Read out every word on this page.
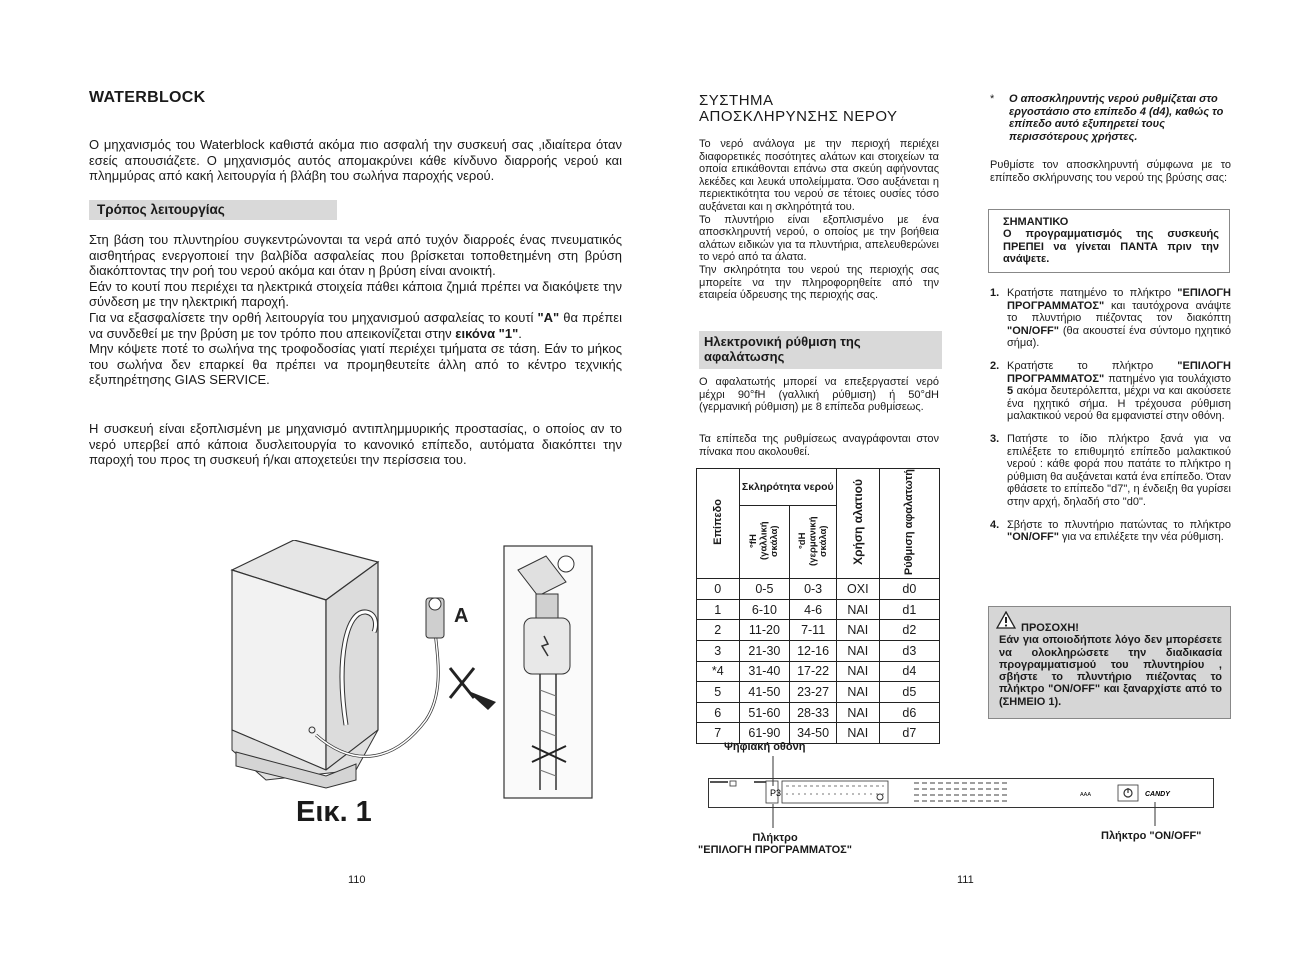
WATERBLOCK
Ο μηχανισμός του Waterblock καθιστά ακόμα πιο ασφαλή την συσκευή σας ,ιδιαίτερα όταν εσείς απουσιάζετε. Ο μηχανισμός αυτός απομακρύνει κάθε κίνδυνο διαρροής νερού και πλημμύρας από κακή λειτουργία ή βλάβη του σωλήνα παροχής νερού.
Τρόπος λειτουργίας
Στη βάση του πλυντηρίου συγκεντρώνονται τα νερά από τυχόν διαρροές ένας πνευματικός αισθητήρας ενεργοποιεί την βαλβίδα ασφαλείας που βρίσκεται τοποθετημένη στη βρύση διακόπτοντας την ροή του νερού ακόμα και όταν η βρύση είναι ανοικτή.
Εάν το κουτί που περιέχει τα ηλεκτρικά στοιχεία πάθει κάποια ζημιά πρέπει να διακόψετε την σύνδεση με την ηλεκτρική παροχή.
Για να εξασφαλίσετε την ορθή λειτουργία του μηχανισμού ασφαλείας το κουτί "A" θα πρέπει να συνδεθεί με την βρύση με τον τρόπο που απεικονίζεται στην εικόνα "1".
Μην κόψετε ποτέ το σωλήνα της τροφοδοσίας γιατί περιέχει τμήματα σε τάση. Εάν το μήκος του σωλήνα δεν επαρκεί θα πρέπει να προμηθευτείτε άλλη από το κέντρο τεχνικής εξυπηρέτησης GIAS SERVICE.
Η συσκευή είναι εξοπλισμένη με μηχανισμό αντιπλημμυρικής προστασίας, ο οποίος αν το νερό υπερβεί από κάποια δυσλειτουργία το κανονικό επίπεδο, αυτόματα διακόπτει την παροχή του προς τη συσκευή ή/και αποχετεύει την περίσσεια του.
A
Εικ. 1
110
ΣΥΣΤΗΜΑ
ΑΠΟΣΚΛΗΡΥΝΣΗΣ ΝΕΡΟΥ
Το νερό ανάλογα με την περιοχή περιέχει διαφορετικές ποσότητες αλάτων και στοιχείων τα οποία επικάθονται επάνω στα σκεύη αφήνοντας λεκέδες και λευκά υπολείμματα. Όσο αυξάνεται η περιεκτικότητα του νερού σε τέτοιες ουσίες τόσο αυξάνεται και η σκληρότητά του.
Το πλυντήριο είναι εξοπλισμένο με ένα αποσκληρυντή νερού, ο οποίος με την βοήθεια αλάτων ειδικών για τα πλυντήρια, απελευθερώνει το νερό από τα άλατα.
Την σκληρότητα του νερού της περιοχής σας μπορείτε να την πληροφορηθείτε από την εταιρεία ύδρευσης της περιοχής σας.
Ηλεκτρονική ρύθμιση της αφαλάτωσης
Ο αφαλατωτής μπορεί να επεξεργαστεί νερό μέχρι 90°fH (γαλλική ρύθμιση) ή 50°dH (γερμανική ρύθμιση) με 8 επίπεδα ρυθμίσεως.
Τα επίπεδα της ρυθμίσεως αναγράφονται στον πίνακα που ακολουθεί.
Επίπεδο	Σκληρότητα νερού		Χρήση αλατιού	Ρύθμιση αφαλατωτή
	°fH (γαλλική σκάλα)	°dH (γερμανική σκάλα)		
0	0-5	0-3	OXI	d0
1	6-10	4-6	NAI	d1
2	11-20	7-11	NAI	d2
3	21-30	12-16	NAI	d3
*4	31-40	17-22	NAI	d4
5	41-50	23-27	NAI	d5
6	51-60	28-33	NAI	d6
7	61-90	34-50	NAI	d7
Ψηφιακή οθόνη
P3	AAA	CANDY
Πλήκτρο
"ΕΠΙΛΟΓΗ ΠΡΟΓΡΑΜΜΑΤΟΣ"
Πλήκτρο "ON/OFF"
111
* Ο αποσκληρυντής νερού ρυθμίζεται στο εργοστάσιο στο επίπεδο 4 (d4), καθώς το επίπεδο αυτό εξυπηρετεί τους περισσότερους χρήστες.
Ρυθμίστε τον αποσκληρυντή σύμφωνα με το επίπεδο σκλήρυνσης του νερού της βρύσης σας:
ΣΗΜΑΝΤΙΚΟ
Ο προγραμματισμός της συσκευής ΠΡΕΠΕΙ να γίνεται ΠΑΝΤΑ πριν την ανάψετε.
1. Κρατήστε πατημένο το πλήκτρο "ΕΠΙΛΟΓΗ ΠΡΟΓΡΑΜΜΑΤΟΣ" και ταυτόχρονα ανάψτε το πλυντήριο πιέζοντας τον διακόπτη "ON/OFF" (θα ακουστεί ένα σύντομο ηχητικό σήμα).
2. Κρατήστε το πλήκτρο "ΕΠΙΛΟΓΗ ΠΡΟΓΡΑΜΜΑΤΟΣ" πατημένο για τουλάχιστο 5 ακόμα δευτερόλεπτα, μέχρι να και ακούσετε ένα ηχητικό σήμα. Η τρέχουσα ρύθμιση μαλακτικού νερού θα εμφανιστεί στην οθόνη.
3. Πατήστε το ίδιο πλήκτρο ξανά για να επιλέξετε το επιθυμητό επίπεδο μαλακτικού νερού : κάθε φορά που πατάτε το πλήκτρο η ρύθμιση θα αυξάνεται κατά ένα επίπεδο. Όταν φθάσετε το επίπεδο "d7", η ένδειξη θα γυρίσει στην αρχή, δηλαδή στο "d0".
4. Σβήστε το πλυντήριο πατώντας το πλήκτρο "ON/OFF" για να επιλέξετε την νέα ρύθμιση.
ΠΡΟΣΟΧΗ!
Εάν για οποιοδήποτε λόγο δεν μπορέσετε να ολοκληρώσετε την διαδικασία προγραμματισμού του πλυντηρίου , σβήστε το πλυντήριο πιέζοντας το πλήκτρο "ON/OFF" και ξαναρχίστε από το (ΣΗΜΕΙΟ 1).
